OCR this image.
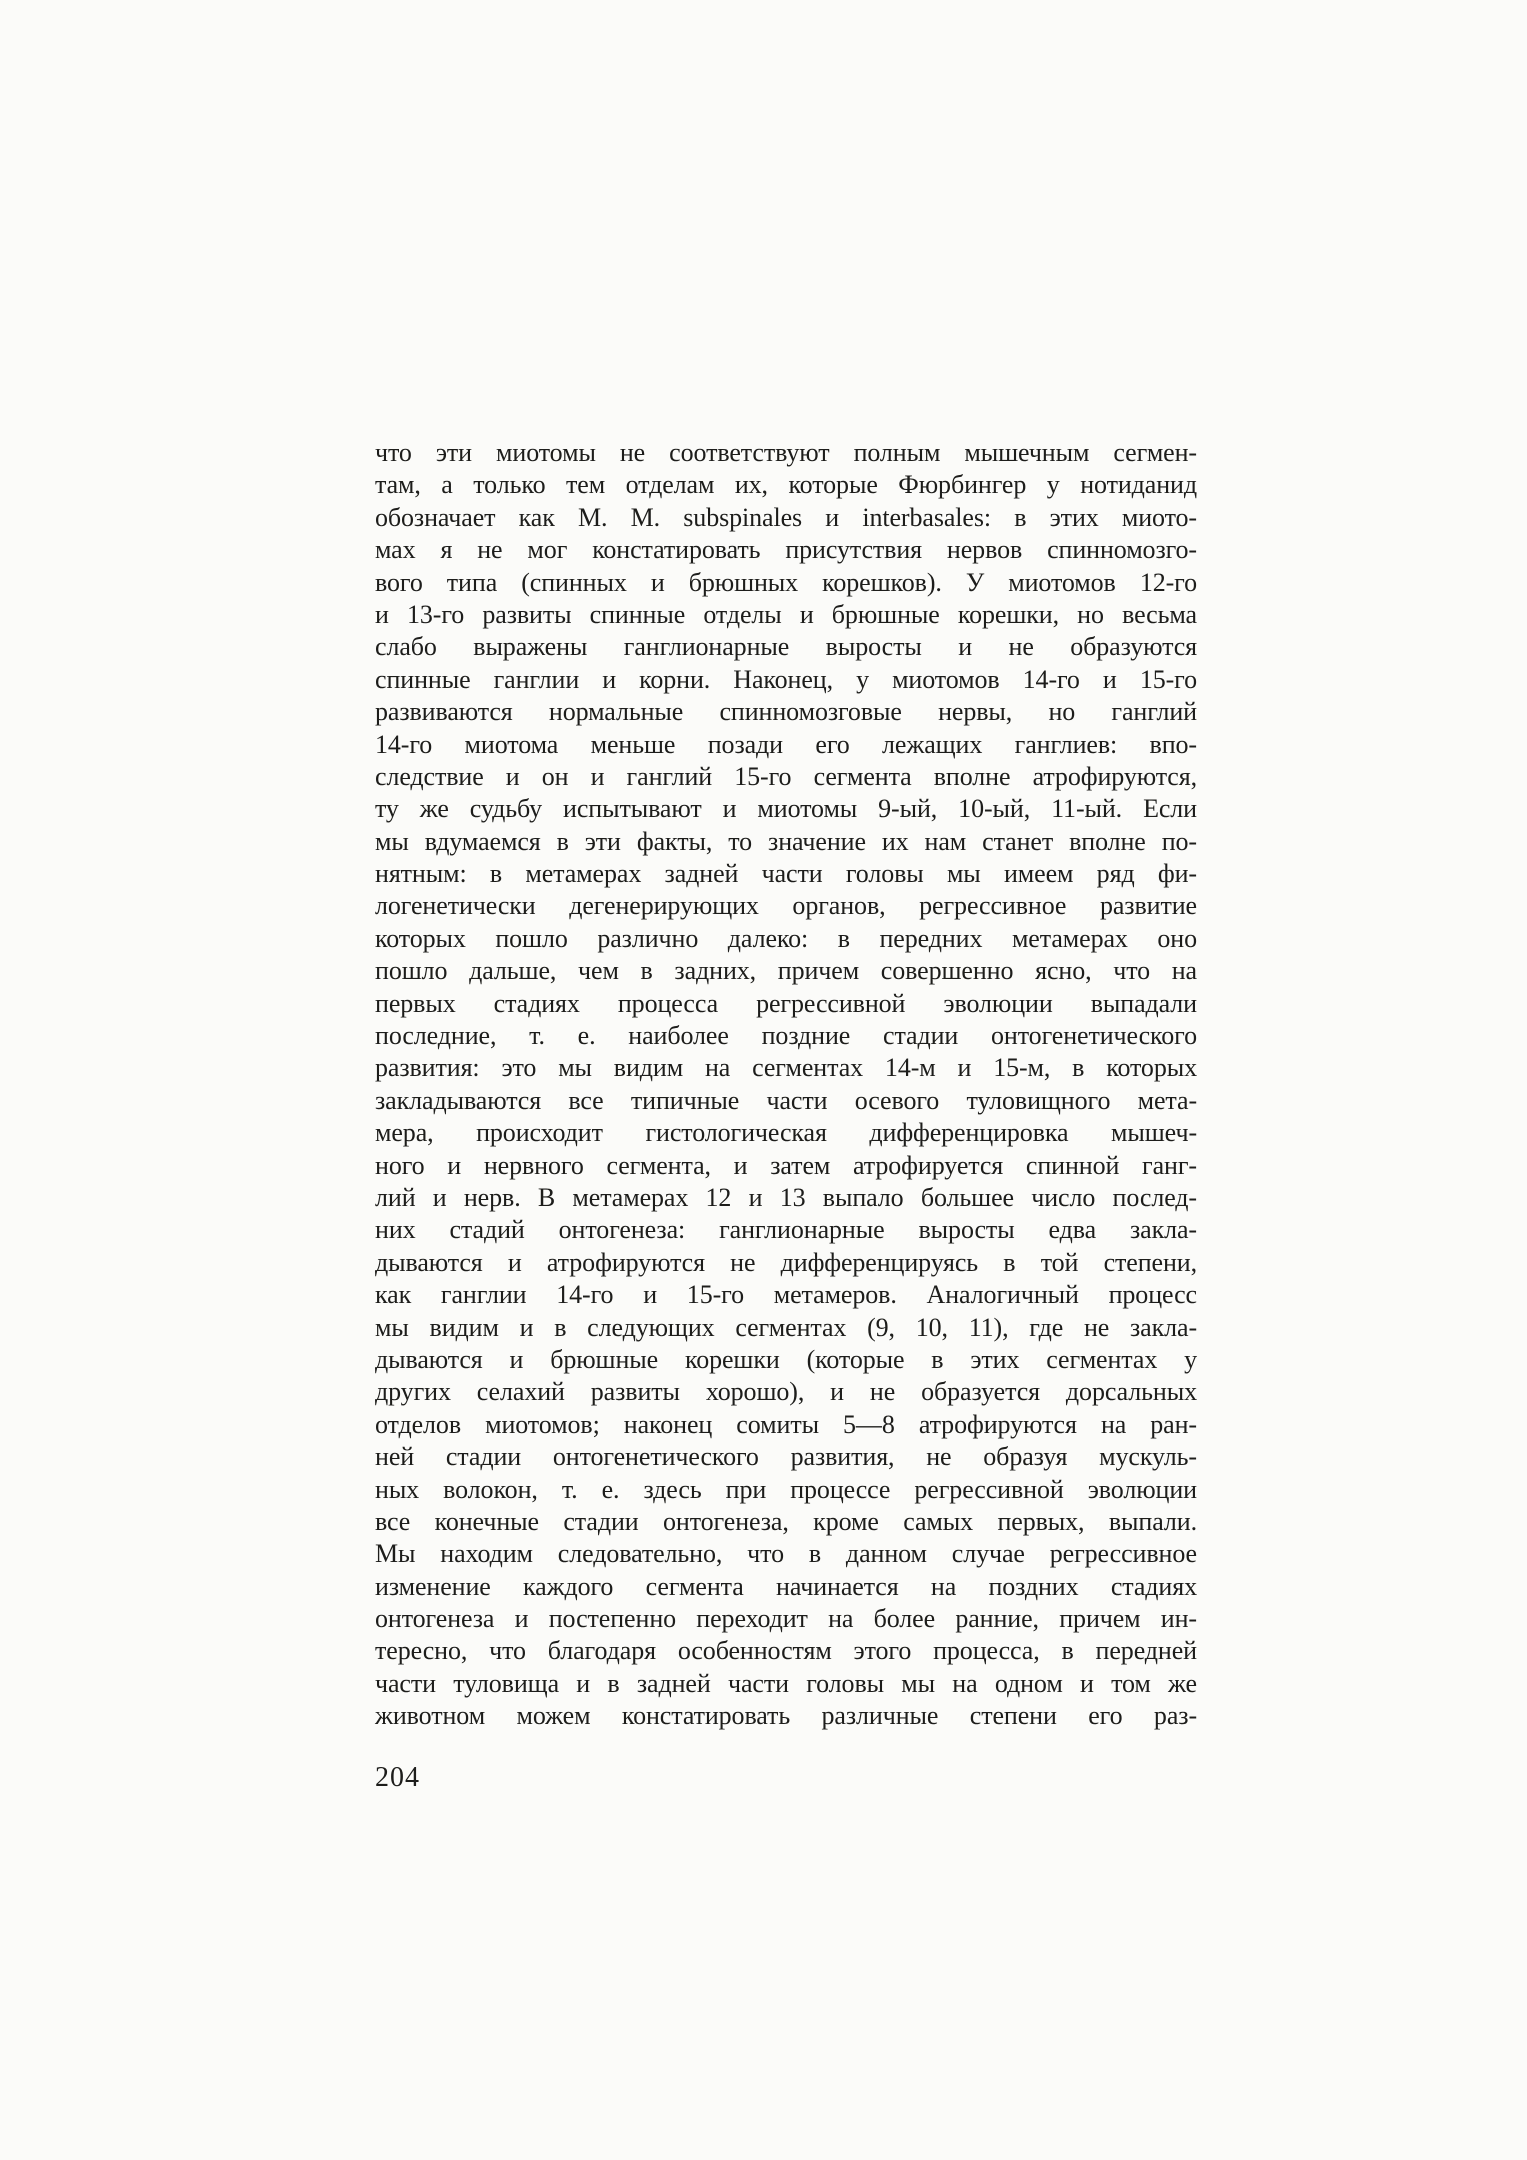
что эти миотомы не соответствуют полным мышечным сегмен-
там, а только тем отделам их, которые Фюрбингер у нотиданид
обозначает как M. M. subspinales и interbasales: в этих миото-
мах я не мог констатировать присутствия нервов спинномозго-
вого типа (спинных и брюшных корешков). У миотомов 12-го
и 13-го развиты спинные отделы и брюшные корешки, но весьма
слабо выражены ганглионарные выросты и не образуются
спинные ганглии и корни. Наконец, у миотомов 14-го и 15-го
развиваются нормальные спинномозговые нервы, но ганглий
14-го миотома меньше позади его лежащих ганглиев: впо-
следствие и он и ганглий 15-го сегмента вполне атрофируются,
ту же судьбу испытывают и миотомы 9-ый, 10-ый, 11-ый. Если
мы вдумаемся в эти факты, то значение их нам станет вполне по-
нятным: в метамерах задней части головы мы имеем ряд фи-
логенетически дегенерирующих органов, регрессивное развитие
которых пошло различно далеко: в передних метамерах оно
пошло дальше, чем в задних, причем совершенно ясно, что на
первых стадиях процесса регрессивной эволюции выпадали
последние, т. е. наиболее поздние стадии онтогенетического
развития: это мы видим на сегментах 14-м и 15-м, в которых
закладываются все типичные части осевого туловищного мета-
мера, происходит гистологическая дифференцировка мышеч-
ного и нервного сегмента, и затем атрофируется спинной ганг-
лий и нерв. В метамерах 12 и 13 выпало большее число послед-
них стадий онтогенеза: ганглионарные выросты едва закла-
дываются и атрофируются не дифференцируясь в той степени,
как ганглии 14-го и 15-го метамеров. Аналогичный процесс
мы видим и в следующих сегментах (9, 10, 11), где не закла-
дываются и брюшные корешки (которые в этих сегментах у
других селахий развиты хорошо), и не образуется дорсальных
отделов миотомов; наконец сомиты 5—8 атрофируются на ран-
ней стадии онтогенетического развития, не образуя мускуль-
ных волокон, т. е. здесь при процессе регрессивной эволюции
все конечные стадии онтогенеза, кроме самых первых, выпали.
Мы находим следовательно, что в данном случае регрессивное
изменение каждого сегмента начинается на поздних стадиях
онтогенеза и постепенно переходит на более ранние, причем ин-
тересно, что благодаря особенностям этого процесса, в передней
части туловища и в задней части головы мы на одном и том же
животном можем констатировать различные степени его раз-
204
